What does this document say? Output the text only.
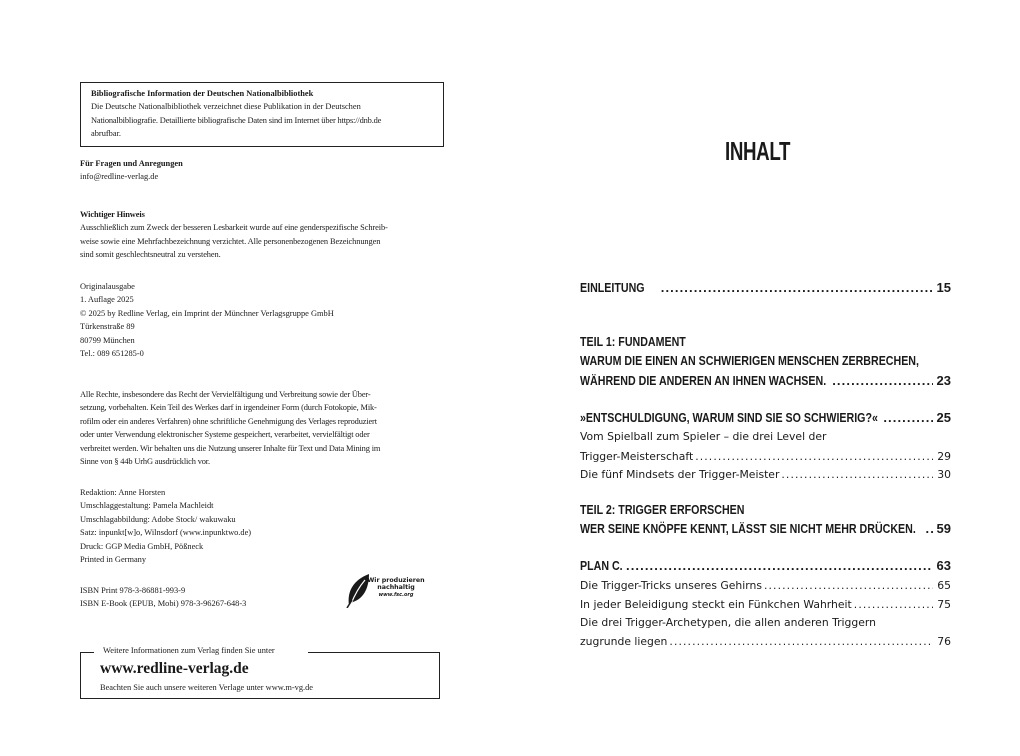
Bibliografische Information der Deutschen Nationalbibliothek
Die Deutsche Nationalbibliothek verzeichnet diese Publikation in der Deutschen
Nationalbibliografie. Detaillierte bibliografische Daten sind im Internet über https://dnb.de
abrufbar.

Für Fragen und Anregungen

info@redline-verlag.de

Wichtiger Hinweis

Ausschließlich zum Zweck der besseren Lesbarkeit wurde auf eine genderspezifische Schreib-

weise sowie eine Mehrfachbezeichnung verzichtet. Alle personenbezogenen Bezeichnungen

sind somit geschlechtsneutral zu verstehen.

Originalausgabe

1. Auflage 2025

© 2025 by Redline Verlag, ein Imprint der Münchner Verlagsgruppe GmbH

Türkenstraße 89

80799 München

Tel.: 089 651285-0

Alle Rechte, insbesondere das Recht der Vervielfältigung und Verbreitung sowie der Über-

setzung, vorbehalten. Kein Teil des Werkes darf in irgendeiner Form (durch Fotokopie, Mik-

rofilm oder ein anderes Verfahren) ohne schriftliche Genehmigung des Verlages reproduziert

oder unter Verwendung elektronischer Systeme gespeichert, verarbeitet, vervielfältigt oder

verbreitet werden. Wir behalten uns die Nutzung unserer Inhalte für Text und Data Mining im

Sinne von § 44b UrhG ausdrücklich vor.

Redaktion: Anne Horsten

Umschlaggestaltung: Pamela Machleidt

Umschlagabbildung: Adobe Stock/ wakuwaku

Satz: inpunkt[w]o, Wilnsdorf (www.inpunktwo.de)

Druck: GGP Media GmbH, Pößneck

Printed in Germany

ISBN Print 978-3-86881-993-9

ISBN E-Book (EPUB, Mobi) 978-3-96267-648-3

Wir produzieren
nachhaltig
www.fsc.org
Weitere Informationen zum Verlag finden Sie unter
www.redline-verlag.de
Beachten Sie auch unsere weiteren Verlage unter www.m-vg.de
INHALT
EINLEITUNG .....	15
TEIL 1: FUNDAMENT
WARUM DIE EINEN AN SCHWIERIGEN MENSCHEN ZERBRECHEN,
WÄHREND DIE ANDEREN AN IHNEN WACHSEN. .....	23
»ENTSCHULDIGUNG, WARUM SIND SIE SO SCHWIERIG?« .....	25
Vom Spielball zum Spieler – die drei Level der
Trigger-Meisterschaft .....	29
Die fünf Mindsets der Trigger-Meister .....	30
TEIL 2: TRIGGER ERFORSCHEN
WER SEINE KNÖPFE KENNT, LÄSST SIE NICHT MEHR DRÜCKEN. ..... 59
PLAN C. .....	63
Die Trigger-Tricks unseres Gehirns .....	65
In jeder Beleidigung steckt ein Fünkchen Wahrheit .....	75
Die drei Trigger-Archetypen, die allen anderen Triggern
zugrunde liegen .....	76
